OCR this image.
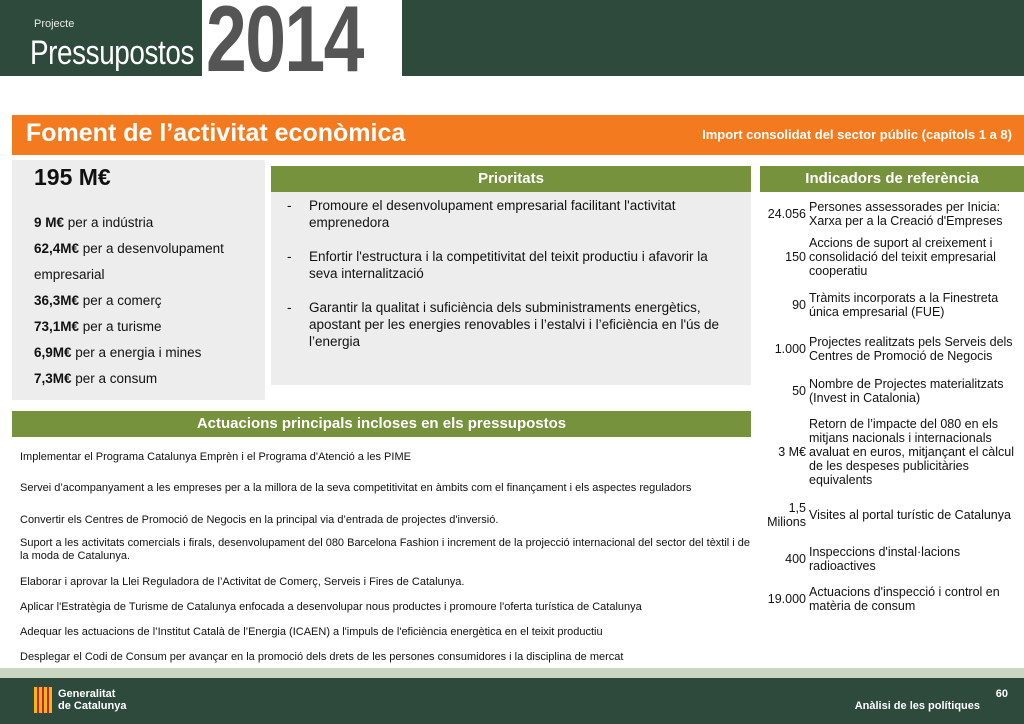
Projecte
Pressupostos 2014
Foment de l’activitat econòmica	Import consolidat del sector públic (capítols 1 a 8)
195 M€
9 M€ per a indústria
62,4M€ per a desenvolupament empresarial
36,3M€ per a comerç
73,1M€ per a turisme
6,9M€ per a energia i mines
7,3M€ per a consum
Prioritats
- Promoure el desenvolupament empresarial facilitant l'activitat emprenedora
- Enfortir l'estructura i la competitivitat del teixit productiu i afavorir la seva internalització
- Garantir la qualitat i suficiència dels subministraments energètics, apostant per les energies renovables i l’estalvi i l’eficiència en l'ús de l’energia
Indicadors de referència
24.056 Persones assessorades per Inicia: Xarxa per a la Creació d'Empreses
150
Accions de suport al creixement i consolidació del teixit empresarial cooperatiu
90 Tràmits incorporats a la Finestreta única empresarial (FUE)
1.000 Projectes realitzats pels Serveis dels Centres de Promoció de Negocis
50 Nombre de Projectes materialitzats (Invest in Catalonia)
3 M€
Retorn de l’impacte del 080 en els mitjans nacionals i internacionals avaluat en euros, mitjançant el càlcul de les despeses publicitàries equivalents
1,5 Milions Visites al portal turístic de Catalunya
400 Inspeccions d'instal·lacions radioactives
19.000 Actuacions d'inspecció i control en matèria de consum
Actuacions principals incloses en els pressupostos
Implementar el Programa Catalunya Emprèn i el Programa d'Atenció a les PIME
Servei d’acompanyament a les empreses per a la millora de la seva competitivitat en àmbits com el finançament i els aspectes reguladors
Convertir els Centres de Promoció de Negocis en la principal via d’entrada de projectes d'inversió.
Suport a les activitats comercials i firals, desenvolupament del 080 Barcelona Fashion i increment de la projecció internacional del sector del tèxtil i de la moda de Catalunya.
Elaborar i aprovar la Llei Reguladora de l’Activitat de Comerç, Serveis i Fires de Catalunya.
Aplicar l'Estratègia de Turisme de Catalunya enfocada a desenvolupar nous productes i promoure l'oferta turística de Catalunya
Adequar les actuacions de l’Institut Català de l’Energia (ICAEN) a l'impuls de l'eficiència energètica en el teixit productiu
Desplegar el Codi de Consum per avançar en la promoció dels drets de les persones consumidores i la disciplina de mercat
Generalitat
de Catalunya
60
Anàlisi de les polítiques
